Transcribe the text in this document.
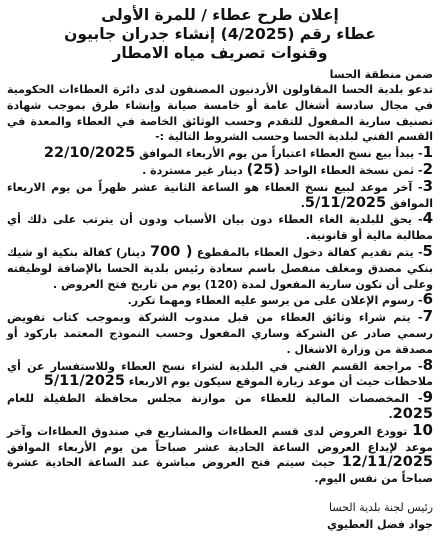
إعلان طرح عطاء / للمرة الأولى
عطاء رقم (4/2025) إنشاء جدران جابيون
وقنوات تصريف مياه الامطار

ضمن منطقة الحسا

تدعو بلدية الحسا المقاولون الأردنيون المصنفون لدى دائرة العطاءات الحكومية في مجال سادسة أشغال عامة أو خامسة صيانة وإنشاء طرق بموجب شهادة تصنيف سارية المفعول للتقدم وحسب الوثائق الخاصة في العطاء والمعدة في القسم الفني لبلدية الحسا وحسب الشروط التالية :-

1- يبدأ بيع نسخ العطاء اعتباراً من يوم الأربعاء الموافق 22/10/2025

2- ثمن نسخة العطاء الواحد (25) دينار غير مستردة .

3- آخر موعد لبيع نسخ العطاء هو الساعة الثانية عشر ظهراً من يوم الاربعاء الموافق 5/11/2025.

4- يحق للبلدية الغاء العطاء دون بيان الأسباب ودون أن يترتب على ذلك أي مطالبة مالية أو قانونية.

5- يتم تقديم كفالة دخول العطاء بالمقطوع ( 700 دينار) كفالة بنكية او شيك بنكي مصدق ومغلف منفصل باسم سعادة رئيس بلدية الحسا بالإضافة لوظيفته وعلى أن تكون سارية المفعول لمدة (120) يوم من تاريخ فتح العروض .

6- رسوم الإعلان على من يرسو عليه العطاء ومهما تكرر.

7- يتم شراء وثائق العطاء من قبل مندوب الشركة وبموجب كتاب تفويض رسمي صادر عن الشركة وساري المفعول وحسب النموذج المعتمد باركود أو مصدقة من وزارة الاشغال .

8- مراجعة القسم الفني في البلدية لشراء نسخ العطاء وللاستفسار عن أي ملاحظات حيث أن موعد زيارة الموقع سيكون يوم الاربعاء 5/11/2025

9- المخصصات المالية للعطاء من موازنة مجلس محافظة الطفيلة للعام 2025.

10 توودع العروض لدى قسم العطاءات والمشاريع في صندوق العطاءات وآخر موعد لإيداع العروض الساعة الحادية عشر صباحاً من يوم الأربعاء الموافق 12/11/2025 حيث سيتم فتح العروض مباشرة عند الساعة الحادية عشرة صباحاً من نفس اليوم.

رئيس لجنة بلدية الحسا

جواد فضل العطيوي
